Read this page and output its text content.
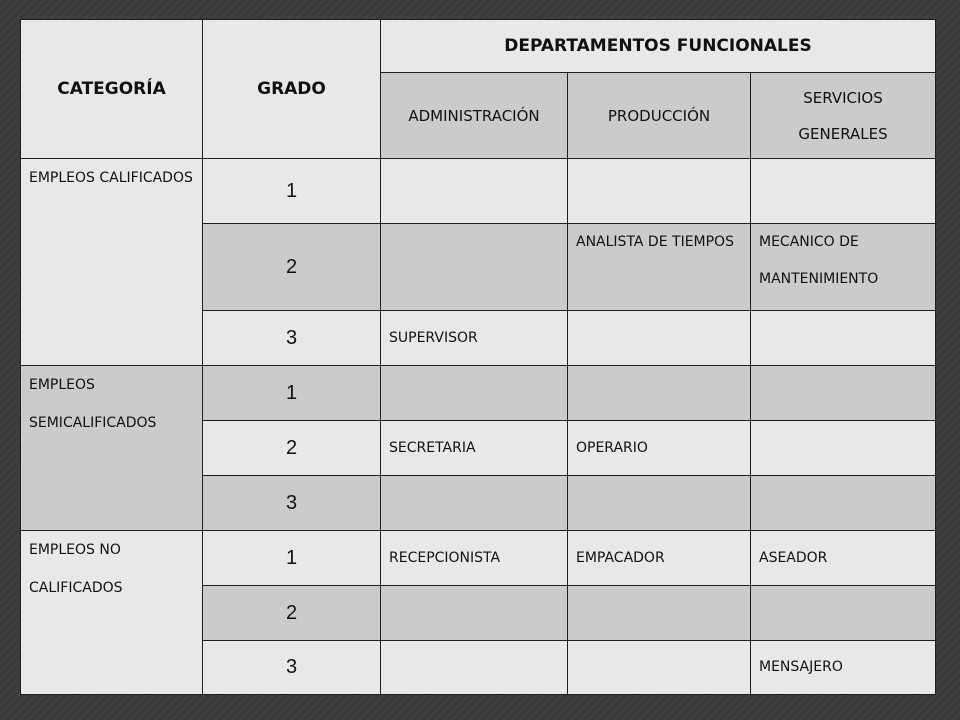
CATEGORÍA	GRADO	DEPARTAMENTOS FUNCIONALES		
		ADMINISTRACIÓN	PRODUCCIÓN	SERVICIOS GENERALES
EMPLEOS CALIFICADOS	1			
	2		ANALISTA DE TIEMPOS	MECANICO DE MANTENIMIENTO
	3	SUPERVISOR		
EMPLEOS SEMICALIFICADOS	1			
	2	SECRETARIA	OPERARIO	
	3			
EMPLEOS NO CALIFICADOS	1	RECEPCIONISTA	EMPACADOR	ASEADOR
	2			
	3			MENSAJERO
